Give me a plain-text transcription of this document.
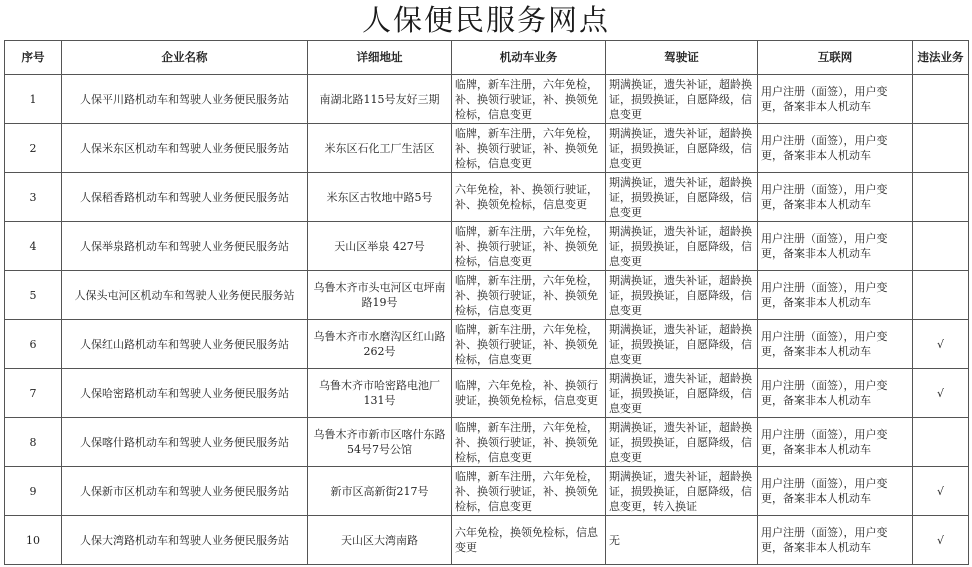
人保便民服务网点
序号	企业名称	详细地址	机动车业务	驾驶证	互联网	违法业务
1	人保平川路机动车和驾驶人业务便民服务站	南湖北路115号友好三期	临牌，新车注册，六年免检，补、换领行驶证，补、换领免检标，信息变更	期满换证，遗失补证，超龄换证，损毁换证，自愿降级，信息变更	用户注册（面签），用户变更，备案非本人机动车	
2	人保米东区机动车和驾驶人业务便民服务站	米东区石化工厂生活区	临牌，新车注册，六年免检，补、换领行驶证，补、换领免检标，信息变更	期满换证，遗失补证，超龄换证，损毁换证，自愿降级，信息变更	用户注册（面签），用户变更，备案非本人机动车	
3	人保稻香路机动车和驾驶人业务便民服务站	米东区古牧地中路5号	六年免检，补、换领行驶证，补、换领免检标，信息变更	期满换证，遗失补证，超龄换证，损毁换证，自愿降级，信息变更	用户注册（面签），用户变更，备案非本人机动车	
4	人保举泉路机动车和驾驶人业务便民服务站	天山区举泉 427号	临牌，新车注册，六年免检，补、换领行驶证，补、换领免检标，信息变更	期满换证，遗失补证，超龄换证，损毁换证，自愿降级，信息变更	用户注册（面签），用户变更，备案非本人机动车	
5	人保头屯河区机动车和驾驶人业务便民服务站	乌鲁木齐市头屯河区屯坪南路19号	临牌，新车注册，六年免检，补、换领行驶证，补、换领免检标，信息变更	期满换证，遗失补证，超龄换证，损毁换证，自愿降级，信息变更	用户注册（面签），用户变更，备案非本人机动车	
6	人保红山路机动车和驾驶人业务便民服务站	乌鲁木齐市水磨沟区红山路262号	临牌，新车注册，六年免检，补、换领行驶证，补、换领免检标，信息变更	期满换证，遗失补证，超龄换证，损毁换证，自愿降级，信息变更	用户注册（面签），用户变更，备案非本人机动车	√
7	人保哈密路机动车和驾驶人业务便民服务站	乌鲁木齐市哈密路电池厂131号	临牌，六年免检，补、换领行驶证，换领免检标，信息变更	期满换证，遗失补证，超龄换证，损毁换证，自愿降级，信息变更	用户注册（面签），用户变更，备案非本人机动车	√
8	人保喀什路机动车和驾驶人业务便民服务站	乌鲁木齐市新市区喀什东路54号7号公馆	临牌，新车注册，六年免检，补、换领行驶证，补、换领免检标，信息变更	期满换证，遗失补证，超龄换证，损毁换证，自愿降级，信息变更	用户注册（面签），用户变更，备案非本人机动车	
9	人保新市区机动车和驾驶人业务便民服务站	新市区高新街217号	临牌，新车注册，六年免检，补、换领行驶证，补、换领免检标，信息变更	期满换证，遗失补证，超龄换证，损毁换证，自愿降级，信息变更，转入换证	用户注册（面签），用户变更，备案非本人机动车	√
10	人保大湾路机动车和驾驶人业务便民服务站	天山区大湾南路	六年免检，换领免检标，信息变更	无	用户注册（面签），用户变更，备案非本人机动车	√
